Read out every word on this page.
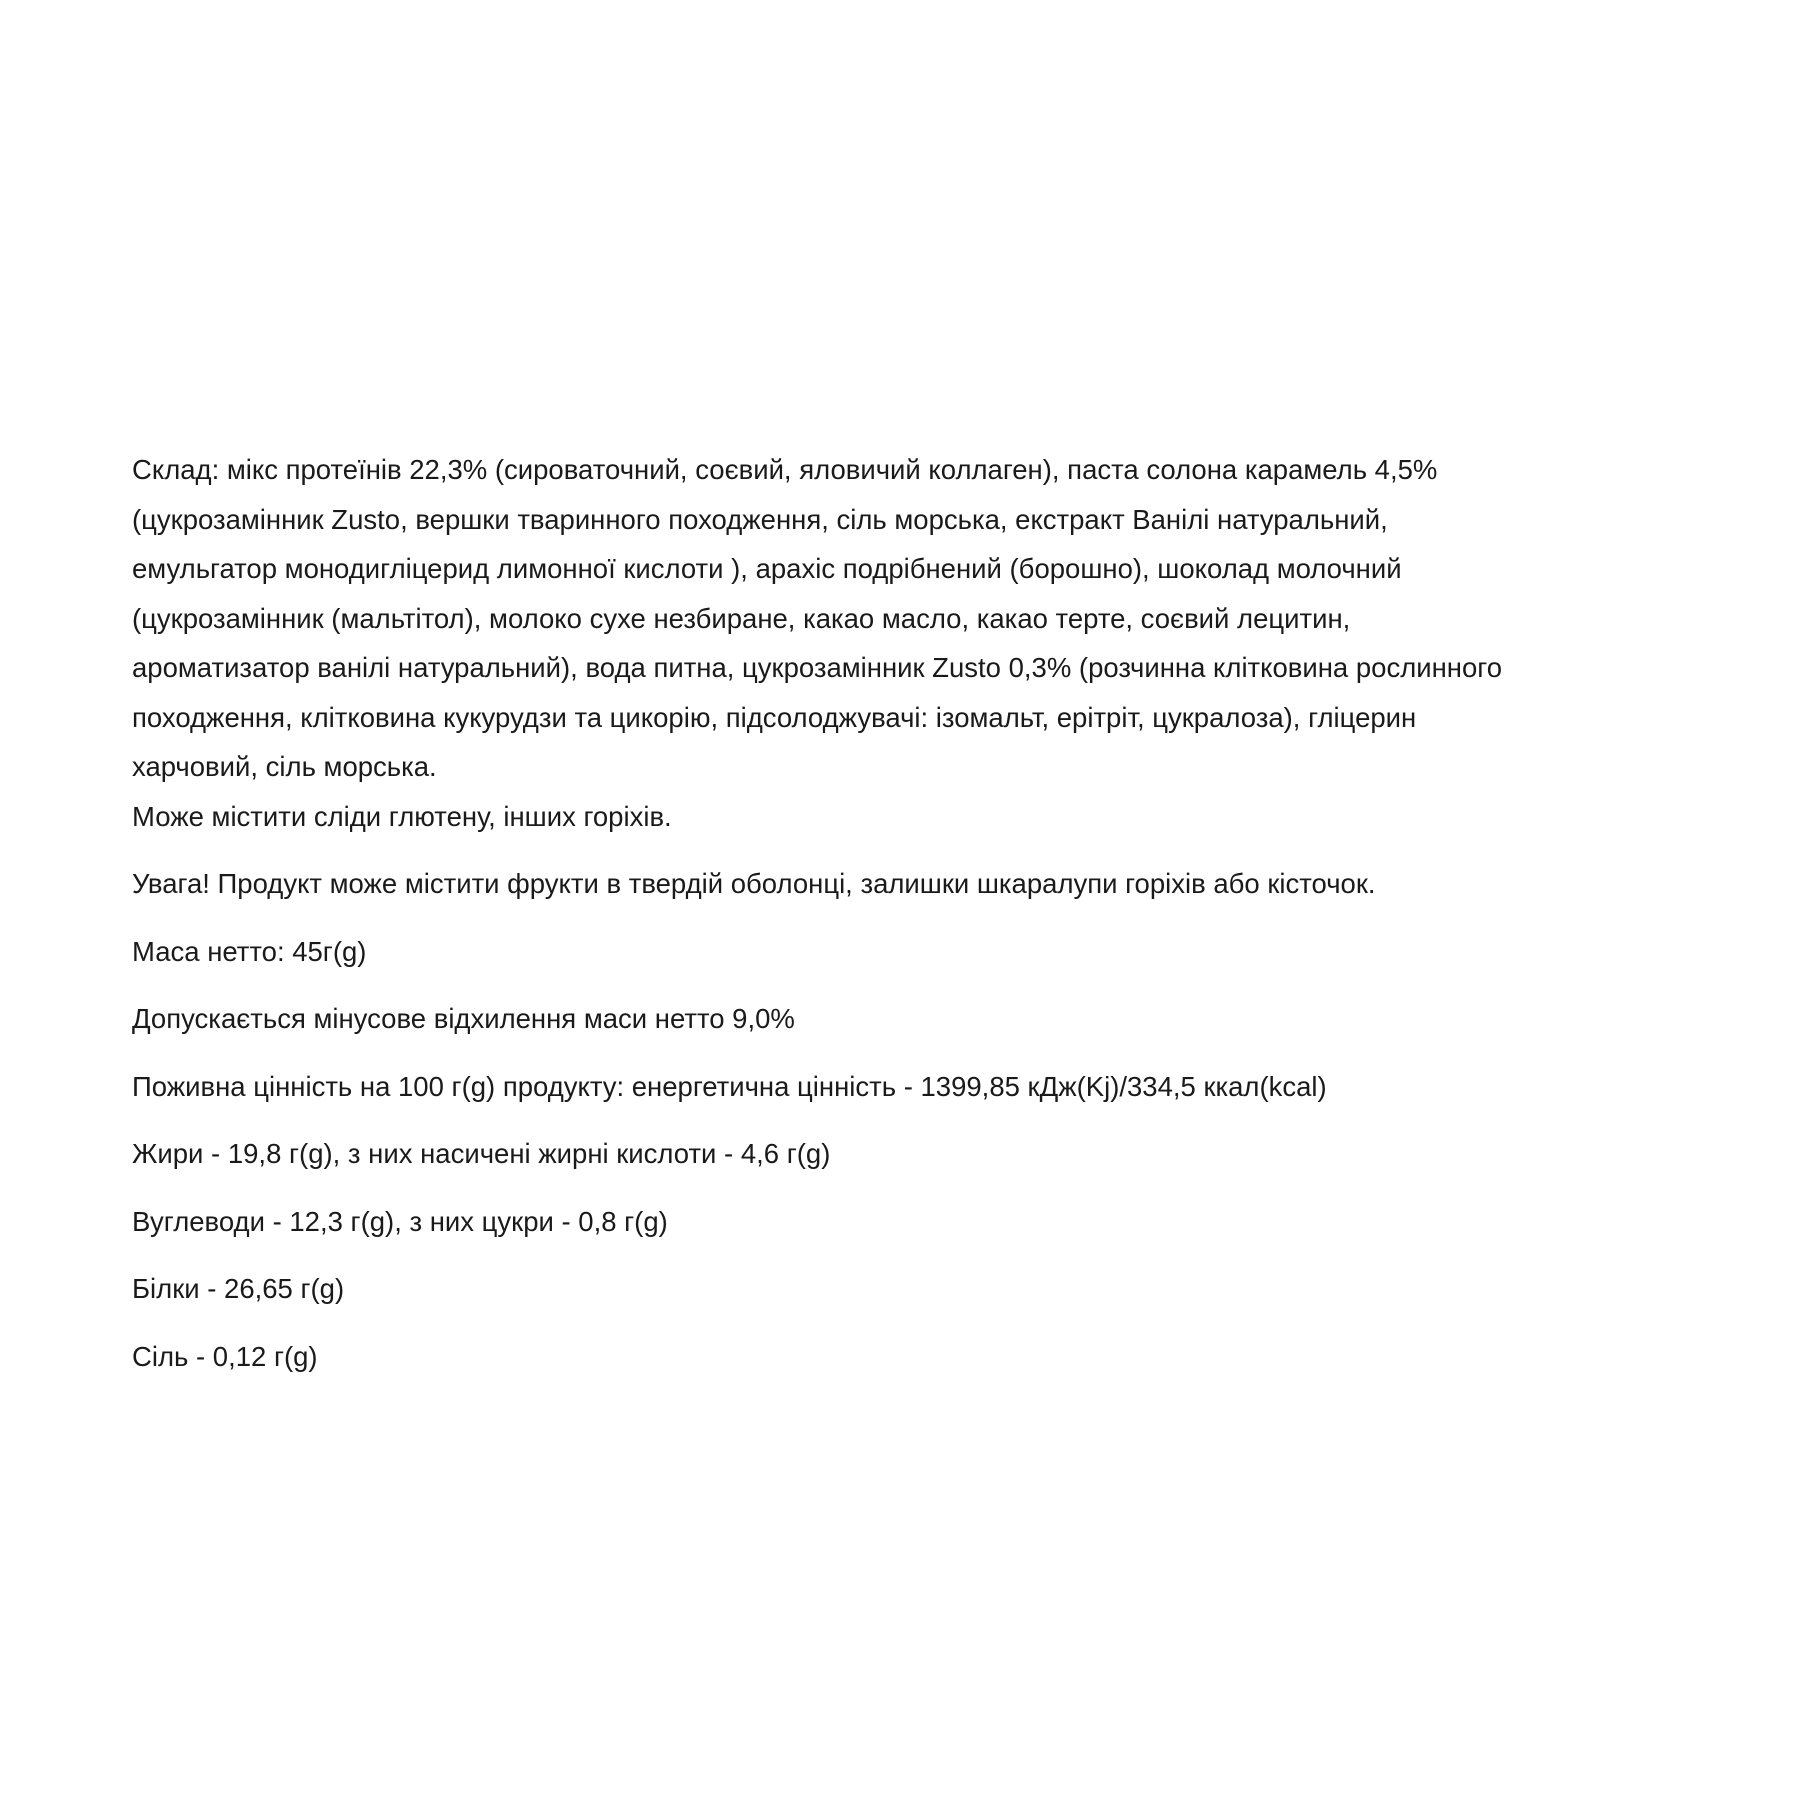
Склад: мікс протеїнів 22,3% (сироваточний, соєвий, яловичий коллаген), паста солона карамель 4,5%
(цукрозамінник Zusto, вершки тваринного походження, сіль морська, екстракт Ванілі натуральний,
емульгатор монодигліцерид лимонної кислоти ), арахіс подрібнений (борошно), шоколад молочний
(цукрозамінник (мальтітол), молоко сухе незбиране, какао масло, какао терте, соєвий лецитин,
ароматизатор ванілі натуральний), вода питна, цукрозамінник Zusto 0,3% (розчинна клітковина рослинного
походження, клітковина кукурудзи та цикорію, підсолоджувачі: ізомальт, ерітріт, цукралоза), гліцерин
харчовий, сіль морська.

Може містити сліди глютену, інших горіхів.

Увага! Продукт може містити фрукти в твердій оболонці, залишки шкаралупи горіхів або кісточок.

Маса нетто: 45г(g)

Допускається мінусове відхилення маси нетто 9,0%

Поживна цінність на 100 г(g) продукту: енергетична цінність - 1399,85 кДж(Kj)/334,5 ккал(kcal)

Жири - 19,8 г(g), з них насичені жирні кислоти - 4,6 г(g)

Вуглеводи - 12,3 г(g), з них цукри - 0,8 г(g)

Білки - 26,65 г(g)

Сіль - 0,12 г(g)
